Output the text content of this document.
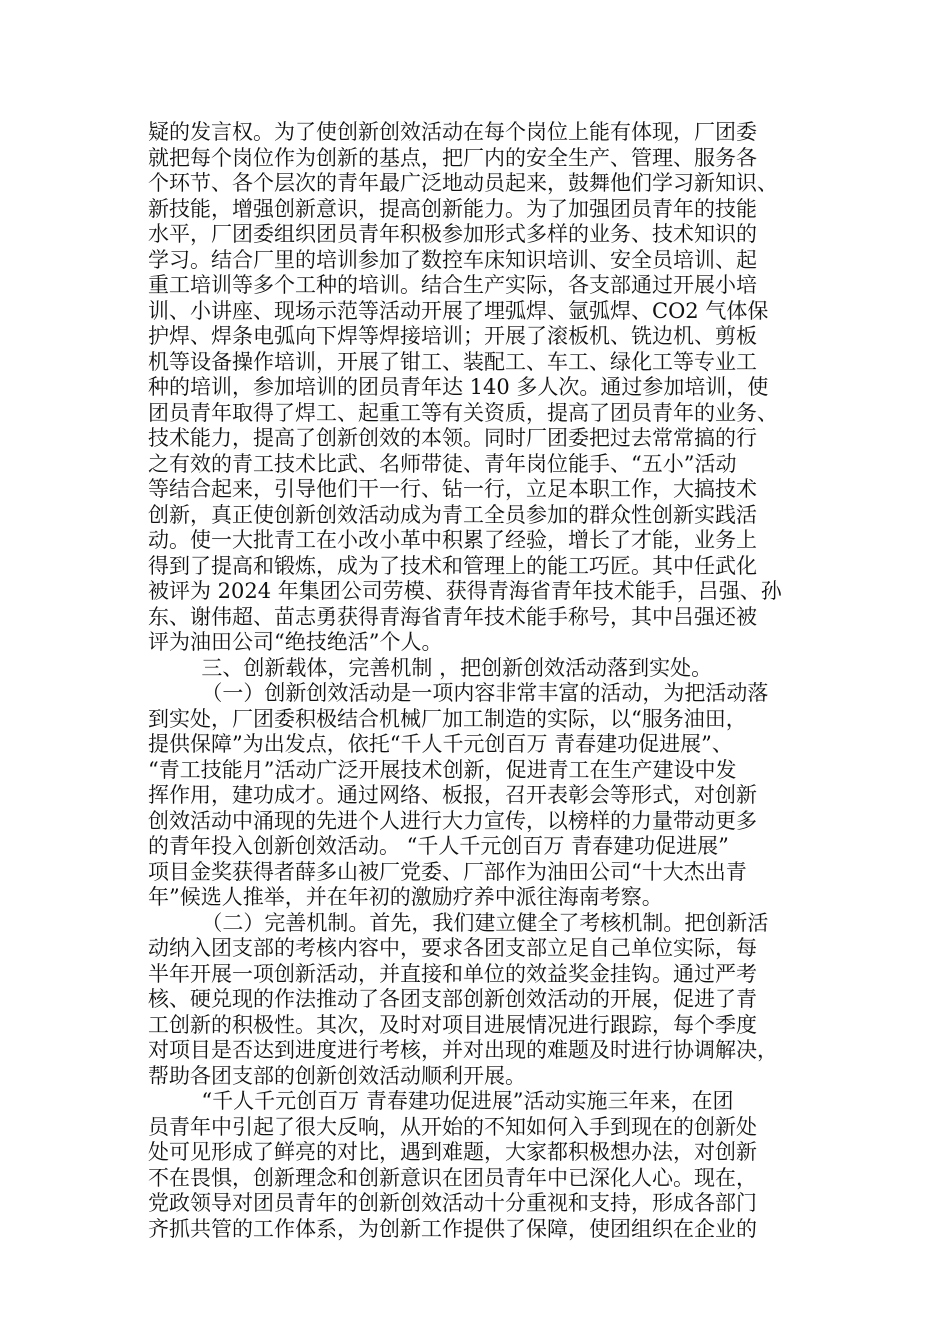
疑的发言权。为了使创新创效活动在每个岗位上能有体现，厂团委
就把每个岗位作为创新的基点，把厂内的安全生产、管理、服务各
个环节、各个层次的青年最广泛地动员起来，鼓舞他们学习新知识、
新技能，增强创新意识，提高创新能力。为了加强团员青年的技能
水平，厂团委组织团员青年积极参加形式多样的业务、技术知识的
学习。结合厂里的培训参加了数控车床知识培训、安全员培训、起
重工培训等多个工种的培训。结合生产实际，各支部通过开展小培
训、小讲座、现场示范等活动开展了埋弧焊、氩弧焊、CO2 气体保
护焊、焊条电弧向下焊等焊接培训；开展了滚板机、铣边机、剪板
机等设备操作培训，开展了钳工、装配工、车工、绿化工等专业工
种的培训，参加培训的团员青年达 140 多人次。通过参加培训，使
团员青年取得了焊工、起重工等有关资质，提高了团员青年的业务、
技术能力，提高了创新创效的本领。同时厂团委把过去常常搞的行
之有效的青工技术比武、名师带徒、青年岗位能手、“五小”活动
等结合起来，引导他们干一行、钻一行，立足本职工作，大搞技术
创新，真正使创新创效活动成为青工全员参加的群众性创新实践活
动。使一大批青工在小改小革中积累了经验，增长了才能，业务上
得到了提高和锻炼，成为了技术和管理上的能工巧匠。其中任武化
被评为 2024 年集团公司劳模、获得青海省青年技术能手，吕强、孙
东、谢伟超、苗志勇获得青海省青年技术能手称号，其中吕强还被
评为油田公司“绝技绝活”个人。
三、创新载体，完善机制 ，把创新创效活动落到实处。
（一）创新创效活动是一项内容非常丰富的活动，为把活动落
到实处，厂团委积极结合机械厂加工制造的实际，以“服务油田，
提供保障”为出发点，依托“千人千元创百万 青春建功促进展”、
“青工技能月”活动广泛开展技术创新，促进青工在生产建设中发
挥作用，建功成才。通过网络、板报，召开表彰会等形式，对创新
创效活动中涌现的先进个人进行大力宣传，以榜样的力量带动更多
的青年投入创新创效活动。 “千人千元创百万 青春建功促进展”
项目金奖获得者薛多山被厂党委、厂部作为油田公司“十大杰出青
年”候选人推举，并在年初的激励疗养中派往海南考察。
（二）完善机制。首先，我们建立健全了考核机制。把创新活
动纳入团支部的考核内容中，要求各团支部立足自己单位实际，每
半年开展一项创新活动，并直接和单位的效益奖金挂钩。通过严考
核、硬兑现的作法推动了各团支部创新创效活动的开展，促进了青
工创新的积极性。其次，及时对项目进展情况进行跟踪，每个季度
对项目是否达到进度进行考核，并对出现的难题及时进行协调解决，
帮助各团支部的创新创效活动顺利开展。
“千人千元创百万 青春建功促进展”活动实施三年来，在团
员青年中引起了很大反响，从开始的不知如何入手到现在的创新处
处可见形成了鲜亮的对比，遇到难题，大家都积极想办法，对创新
不在畏惧，创新理念和创新意识在团员青年中已深化人心。现在，
党政领导对团员青年的创新创效活动十分重视和支持，形成各部门
齐抓共管的工作体系，为创新工作提供了保障，使团组织在企业的
